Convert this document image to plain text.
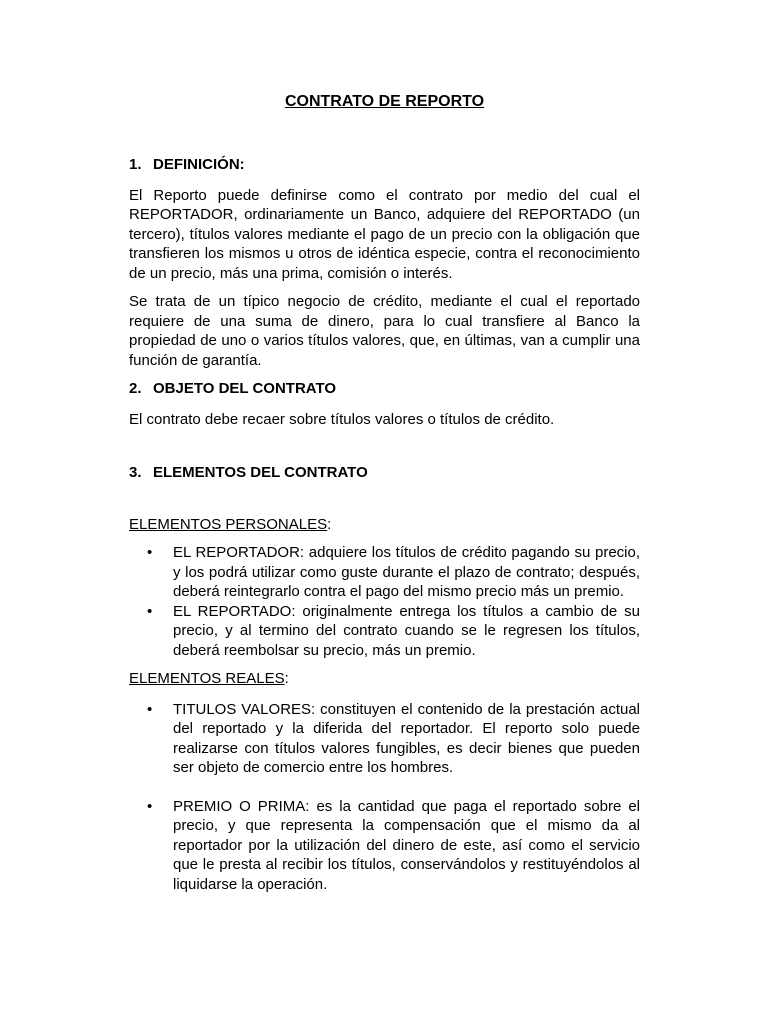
CONTRATO DE REPORTO
1. DEFINICIÓN:

El Reporto puede definirse como el contrato por medio del cual el REPORTADOR, ordinariamente un Banco, adquiere del REPORTADO (un tercero), títulos valores mediante el pago de un precio con la obligación que transfieren los mismos u otros de idéntica especie, contra el reconocimiento de un precio, más una prima, comisión o interés.

Se trata de un típico negocio de crédito, mediante el cual el reportado requiere de una suma de dinero, para lo cual transfiere al Banco la propiedad de uno o varios títulos valores, que, en últimas, van a cumplir una función de garantía.

2. OBJETO DEL CONTRATO

El contrato debe recaer sobre títulos valores o títulos de crédito.

3. ELEMENTOS DEL CONTRATO

ELEMENTOS PERSONALES:

• EL REPORTADOR: adquiere los títulos de crédito pagando su precio, y los podrá utilizar como guste durante el plazo de contrato; después, deberá reintegrarlo contra el pago del mismo precio más un premio.
• EL REPORTADO: originalmente entrega los títulos a cambio de su precio, y al termino del contrato cuando se le regresen los títulos, deberá reembolsar su precio, más un premio.

ELEMENTOS REALES:

• TITULOS VALORES: constituyen el contenido de la prestación actual del reportado y la diferida del reportador. El reporto solo puede realizarse con títulos valores fungibles, es decir bienes que pueden ser objeto de comercio entre los hombres.
• PREMIO O PRIMA: es la cantidad que paga el reportado sobre el precio, y que representa la compensación que el mismo da al reportador por la utilización del dinero de este, así como el servicio que le presta al recibir los títulos, conservándolos y restituyéndolos al liquidarse la operación.
